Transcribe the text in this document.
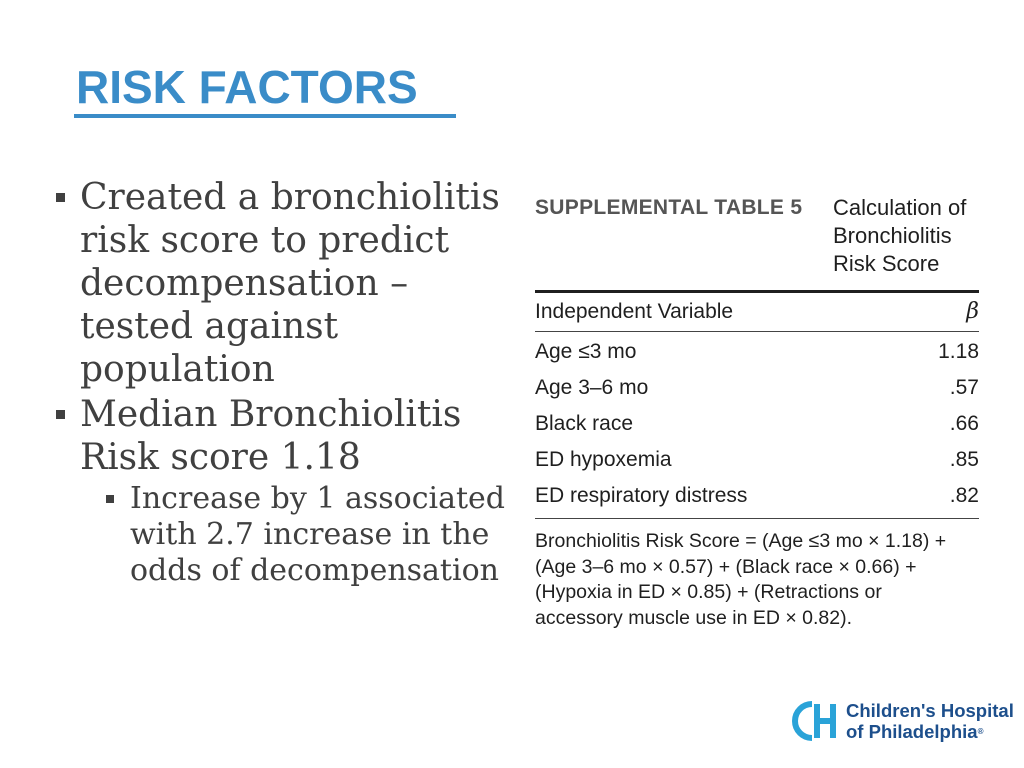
RISK FACTORS
Created a bronchiolitis risk score to predict decompensation – tested against population
Median Bronchiolitis Risk score 1.18
Increase by 1 associated with 2.7 increase in the odds of decompensation
SUPPLEMENTAL TABLE 5	Calculation of
Bronchiolitis
Risk Score
Independent Variable	β
Age ≤3 mo	1.18
Age 3–6 mo	.57
Black race	.66
ED hypoxemia	.85
ED respiratory distress	.82
Bronchiolitis Risk Score = (Age ≤3 mo × 1.18) +
(Age 3–6 mo × 0.57) + (Black race × 0.66) +
(Hypoxia in ED × 0.85) + (Retractions or
accessory muscle use in ED × 0.82).
Children's Hospital
of Philadelphia®
